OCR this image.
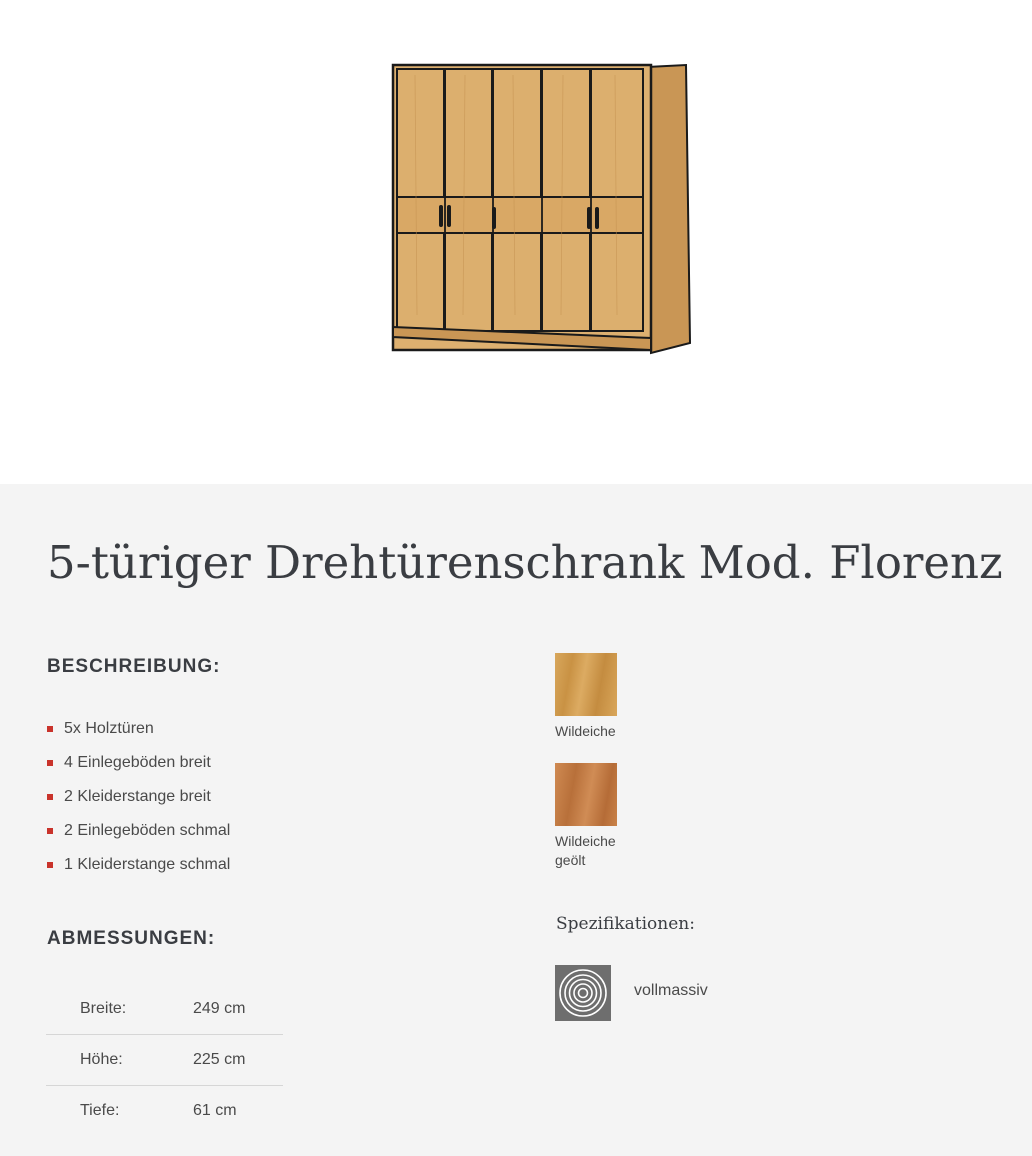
5-türiger Drehtürenschrank Mod. Florenz
BESCHREIBUNG:
5x Holztüren
4 Einlegeböden breit
2 Kleiderstange breit
2 Einlegeböden schmal
1 Kleiderstange schmal
ABMESSUNGEN:
Breite:	249 cm
Höhe:	225 cm
Tiefe:	61 cm
Wildeiche
Wildeiche geölt
Spezifikationen:
vollmassiv
